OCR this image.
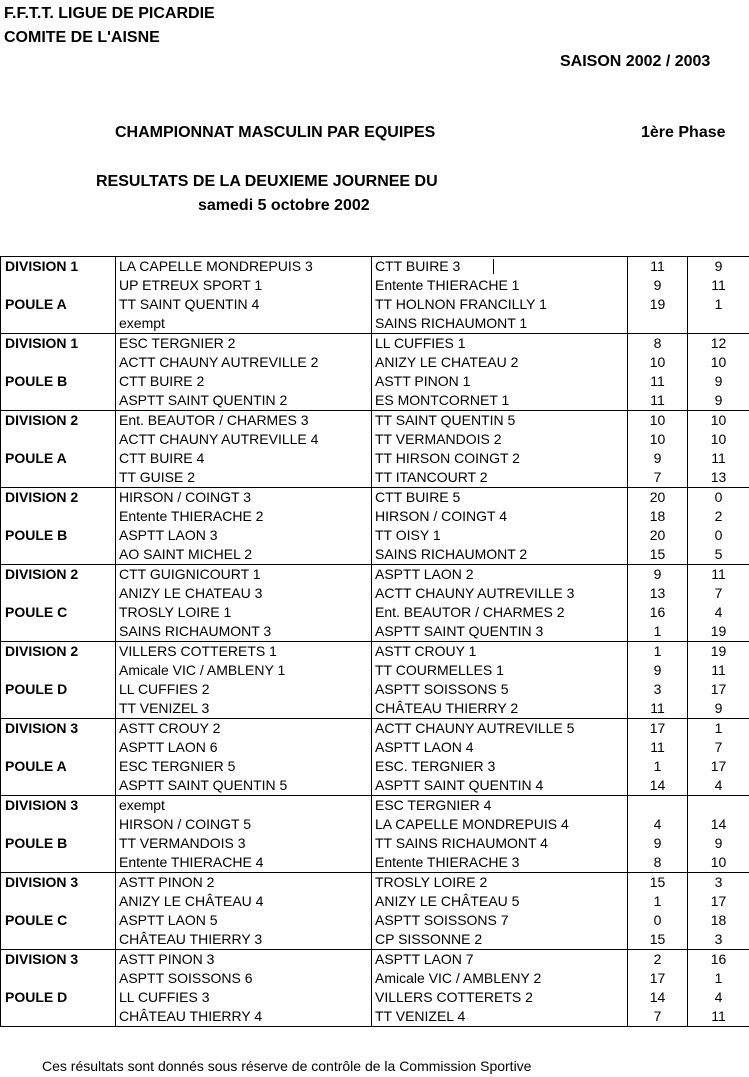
F.F.T.T. LIGUE DE PICARDIE
COMITE DE L'AISNE
SAISON 2002 / 2003
CHAMPIONNAT MASCULIN PAR EQUIPES	1ère Phase
RESULTATS DE LA DEUXIEME JOURNEE DU
samedi 5 octobre 2002
DIVISION 1	LA CAPELLE MONDREPUIS 3	CTT BUIRE 3	11	9
	UP ETREUX SPORT 1	Entente THIERACHE 1	9	11
POULE A	TT SAINT QUENTIN 4	TT HOLNON FRANCILLY 1	19	1
	exempt	SAINS RICHAUMONT 1		
DIVISION 1	ESC TERGNIER 2	LL CUFFIES 1	8	12
	ACTT CHAUNY AUTREVILLE 2	ANIZY LE CHATEAU 2	10	10
POULE B	CTT BUIRE 2	ASTT PINON 1	11	9
	ASPTT SAINT QUENTIN 2	ES MONTCORNET 1	11	9
DIVISION 2	Ent. BEAUTOR / CHARMES 3	TT SAINT QUENTIN 5	10	10
	ACTT CHAUNY AUTREVILLE 4	TT VERMANDOIS 2	10	10
POULE A	CTT BUIRE 4	TT HIRSON COINGT 2	9	11
	TT GUISE 2	TT ITANCOURT 2	7	13
DIVISION 2	HIRSON / COINGT 3	CTT BUIRE 5	20	0
	Entente THIERACHE 2	HIRSON / COINGT 4	18	2
POULE B	ASPTT LAON 3	TT OISY 1	20	0
	AO SAINT MICHEL 2	SAINS RICHAUMONT 2	15	5
DIVISION 2	CTT GUIGNICOURT 1	ASPTT LAON 2	9	11
	ANIZY LE CHATEAU 3	ACTT CHAUNY AUTREVILLE 3	13	7
POULE C	TROSLY LOIRE 1	Ent. BEAUTOR / CHARMES 2	16	4
	SAINS RICHAUMONT 3	ASPTT SAINT QUENTIN 3	1	19
DIVISION 2	VILLERS COTTERETS 1	ASTT CROUY 1	1	19
	Amicale VIC / AMBLENY 1	TT COURMELLES 1	9	11
POULE D	LL CUFFIES 2	ASPTT SOISSONS 5	3	17
	TT VENIZEL 3	CHÂTEAU THIERRY 2	11	9
DIVISION 3	ASTT CROUY 2	ACTT CHAUNY AUTREVILLE 5	17	1
	ASPTT LAON 6	ASPTT LAON 4	11	7
POULE A	ESC TERGNIER 5	ESC. TERGNIER 3	1	17
	ASPTT SAINT QUENTIN 5	ASPTT SAINT QUENTIN 4	14	4
DIVISION 3	exempt	ESC TERGNIER 4		
	HIRSON / COINGT 5	LA CAPELLE MONDREPUIS 4	4	14
POULE B	TT VERMANDOIS 3	TT SAINS RICHAUMONT 4	9	9
	Entente THIERACHE 4	Entente THIERACHE 3	8	10
DIVISION 3	ASTT PINON 2	TROSLY LOIRE 2	15	3
	ANIZY LE CHÂTEAU 4	ANIZY LE CHÂTEAU 5	1	17
POULE C	ASPTT LAON 5	ASPTT SOISSONS 7	0	18
	CHÂTEAU THIERRY 3	CP SISSONNE 2	15	3
DIVISION 3	ASTT PINON 3	ASPTT LAON 7	2	16
	ASPTT SOISSONS 6	Amicale VIC / AMBLENY 2	17	1
POULE D	LL CUFFIES 3	VILLERS COTTERETS 2	14	4
	CHÂTEAU THIERRY 4	TT VENIZEL 4	7	11
Ces résultats sont donnés sous réserve de contrôle de la Commission Sportive
